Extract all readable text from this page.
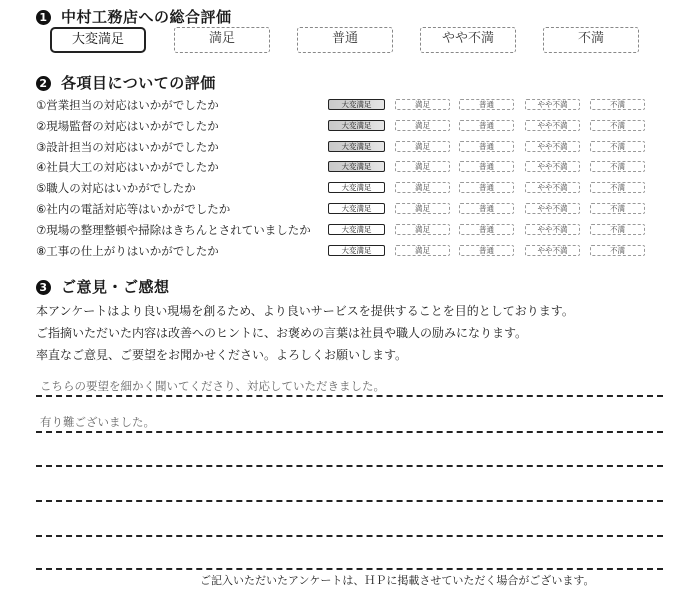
1 中村工務店への総合評価
大変満足	満足	普通	やや不満	不満
2 各項目についての評価
①営業担当の対応はいかがでしたか	大変満足	満足	普通	やや不満	不満
②現場監督の対応はいかがでしたか	大変満足	満足	普通	やや不満	不満
③設計担当の対応はいかがでしたか	大変満足	満足	普通	やや不満	不満
④社員大工の対応はいかがでしたか	大変満足	満足	普通	やや不満	不満
⑤職人の対応はいかがでしたか	大変満足	満足	普通	やや不満	不満
⑥社内の電話対応等はいかがでしたか	大変満足	満足	普通	やや不満	不満
⑦現場の整理整頓や掃除はきちんとされていましたか	大変満足	満足	普通	やや不満	不満
⑧工事の仕上がりはいかがでしたか	大変満足	満足	普通	やや不満	不満
3 ご意見・ご感想
本アンケートはより良い現場を創るため、より良いサービスを提供することを目的としております。
ご指摘いただいた内容は改善へのヒントに、お褒めの言葉は社員や職人の励みになります。
率直なご意見、ご要望をお聞かせください。よろしくお願いします。
こちらの要望を細かく聞いてくださり、対応していただきました。
有り難ございました。
ご記入いただいたアンケートは、ＨＰに掲載させていただく場合がございます。
